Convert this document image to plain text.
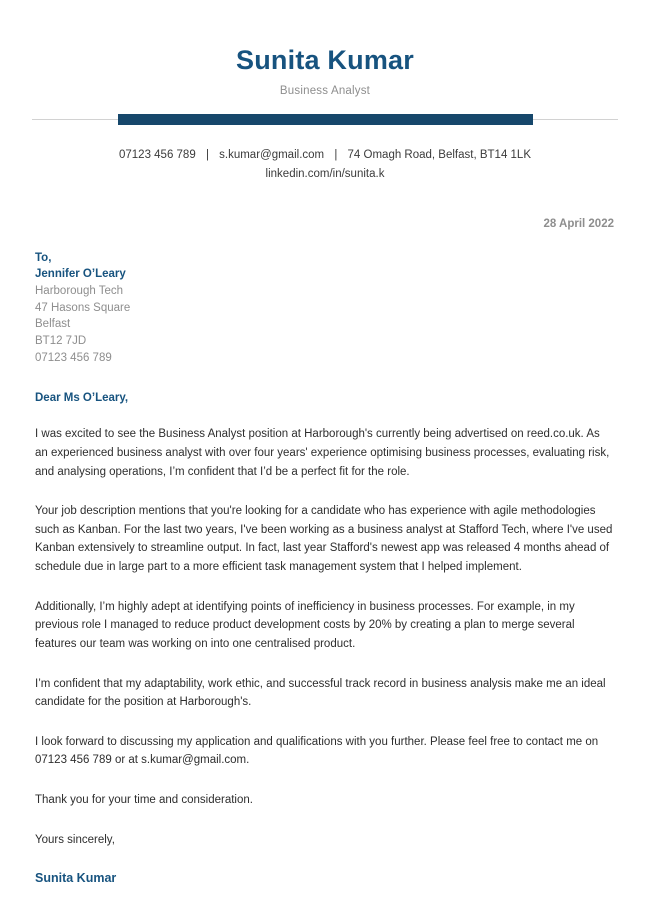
Sunita Kumar
Business Analyst
07123 456 789 | s.kumar@gmail.com | 74 Omagh Road, Belfast, BT14 1LK
linkedin.com/in/sunita.k
28 April 2022
To,
Jennifer O’Leary
Harborough Tech
47 Hasons Square
Belfast
BT12 7JD
07123 456 789
Dear Ms O’Leary,

I was excited to see the Business Analyst position at Harborough's currently being advertised on reed.co.uk. As an experienced business analyst with over four years' experience optimising business processes, evaluating risk, and analysing operations, I’m confident that I’d be a perfect fit for the role.

Your job description mentions that you're looking for a candidate who has experience with agile methodologies such as Kanban. For the last two years, I've been working as a business analyst at Stafford Tech, where I've used Kanban extensively to streamline output. In fact, last year Stafford's newest app was released 4 months ahead of schedule due in large part to a more efficient task management system that I helped implement.

Additionally, I’m highly adept at identifying points of inefficiency in business processes. For example, in my previous role I managed to reduce product development costs by 20% by creating a plan to merge several features our team was working on into one centralised product.

I’m confident that my adaptability, work ethic, and successful track record in business analysis make me an ideal candidate for the position at Harborough's.

I look forward to discussing my application and qualifications with you further. Please feel free to contact me on 07123 456 789 or at s.kumar@gmail.com.

Thank you for your time and consideration.

Yours sincerely,
Sunita Kumar
